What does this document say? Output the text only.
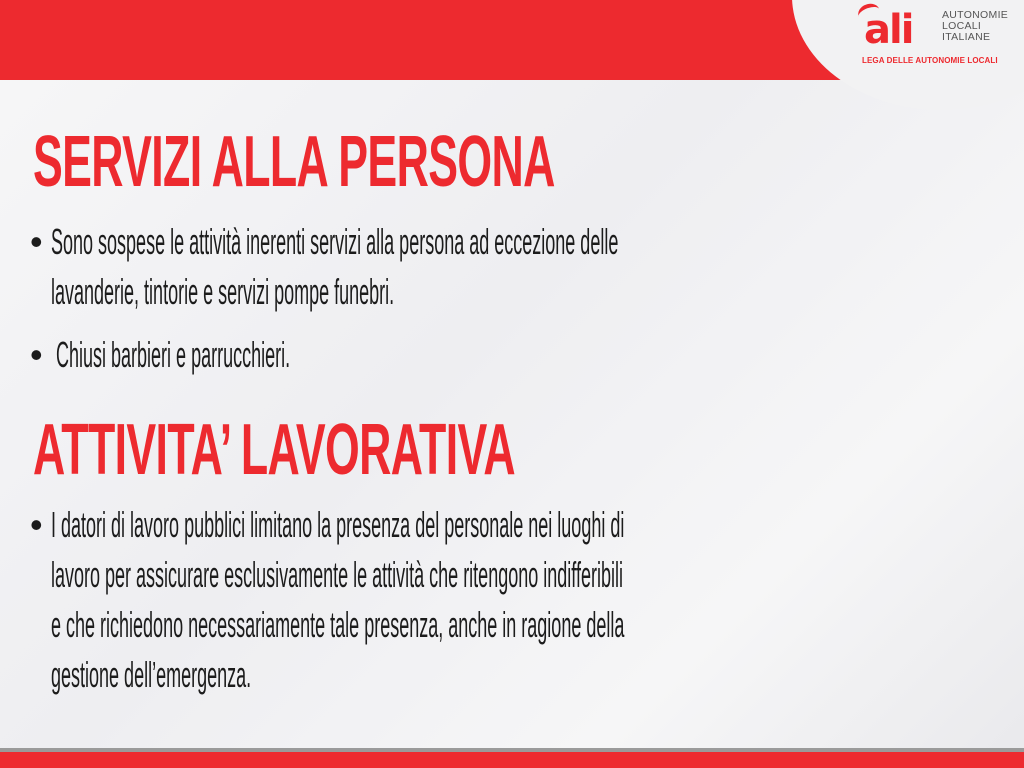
ali	AUTONOMIE
LOCALI
ITALIANE
LEGA DELLE AUTONOMIE LOCALI
SERVIZI ALLA PERSONA
• Sono sospese le attività inerenti servizi alla persona ad eccezione delle
lavanderie, tintorie e servizi pompe funebri.
• Chiusi barbieri e parrucchieri.
ATTIVITA’ LAVORATIVA
• I datori di lavoro pubblici limitano la presenza del personale nei luoghi di
lavoro per assicurare esclusivamente le attività che ritengono indifferibili
e che richiedono necessariamente tale presenza, anche in ragione della
gestione dell’emergenza.
